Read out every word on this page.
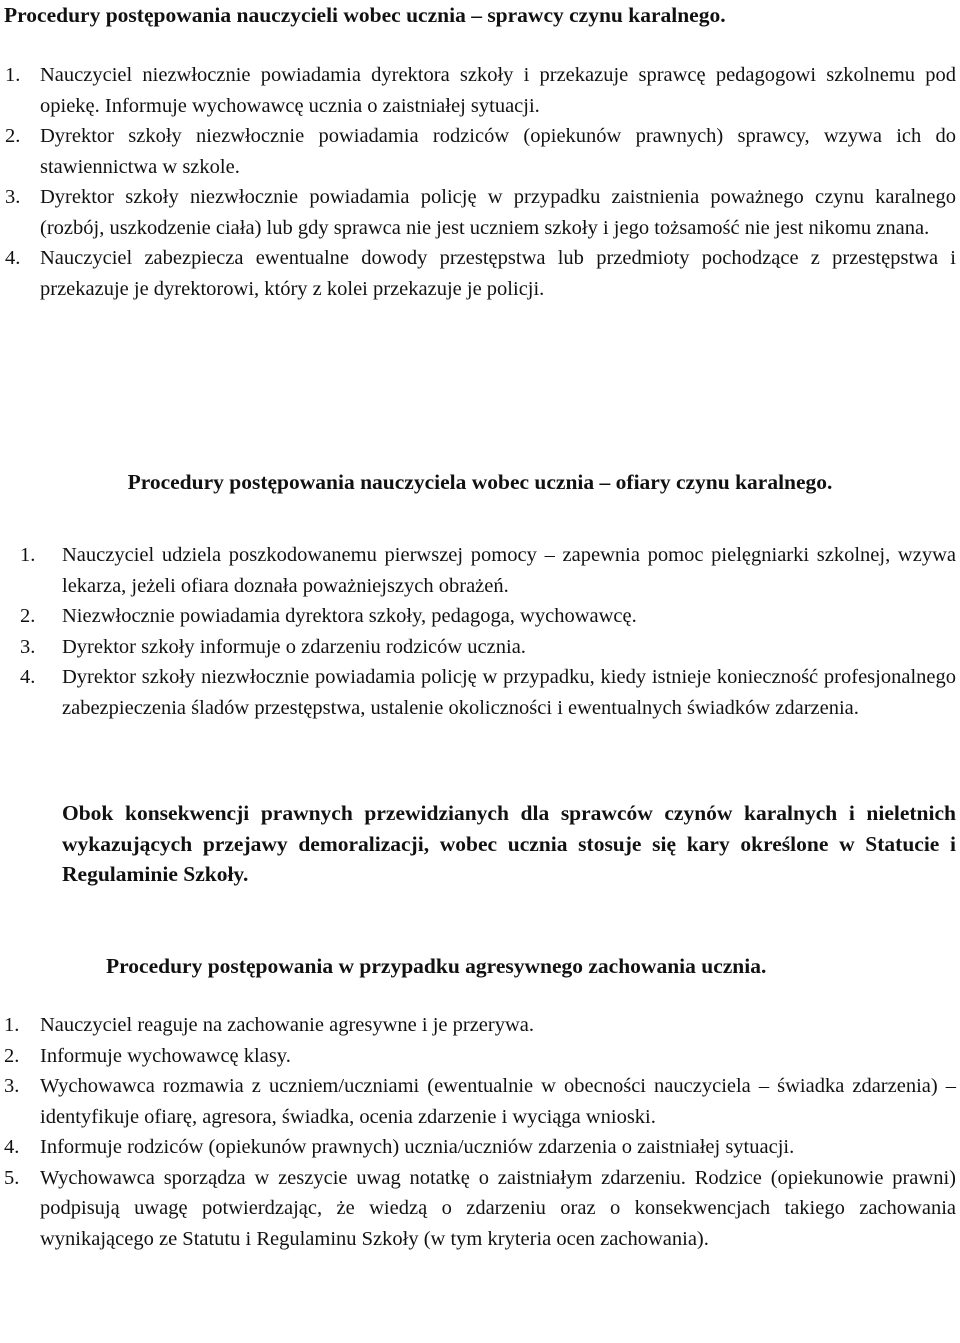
Procedury postępowania nauczycieli wobec ucznia – sprawcy czynu karalnego.
1. Nauczyciel niezwłocznie powiadamia dyrektora szkoły i przekazuje sprawcę pedagogowi szkolnemu pod opiekę. Informuje wychowawcę ucznia o zaistniałej sytuacji.
2. Dyrektor szkoły niezwłocznie powiadamia rodziców (opiekunów prawnych) sprawcy, wzywa ich do stawiennictwa w szkole.
3. Dyrektor szkoły niezwłocznie powiadamia policję w przypadku zaistnienia poważnego czynu karalnego (rozbój, uszkodzenie ciała) lub gdy sprawca nie jest uczniem szkoły i jego tożsamość nie jest nikomu znana.
4. Nauczyciel zabezpiecza ewentualne dowody przestępstwa lub przedmioty pochodzące z przestępstwa i przekazuje je dyrektorowi, który z kolei przekazuje je policji.
Procedury postępowania nauczyciela wobec ucznia – ofiary czynu karalnego.
1. Nauczyciel udziela poszkodowanemu pierwszej pomocy – zapewnia pomoc pielęgniarki szkolnej, wzywa lekarza, jeżeli ofiara doznała poważniejszych obrażeń.
2. Niezwłocznie powiadamia dyrektora szkoły, pedagoga, wychowawcę.
3. Dyrektor szkoły informuje o zdarzeniu rodziców ucznia.
4. Dyrektor szkoły niezwłocznie powiadamia policję w przypadku, kiedy istnieje konieczność profesjonalnego zabezpieczenia śladów przestępstwa, ustalenie okoliczności i ewentualnych świadków zdarzenia.

Obok konsekwencji prawnych przewidzianych dla sprawców czynów karalnych i nieletnich wykazujących przejawy demoralizacji, wobec ucznia stosuje się kary określone w Statucie i Regulaminie Szkoły.

Procedury postępowania w przypadku agresywnego zachowania ucznia.
1. Nauczyciel reaguje na zachowanie agresywne i je przerywa.
2. Informuje wychowawcę klasy.
3. Wychowawca rozmawia z uczniem/uczniami (ewentualnie w obecności nauczyciela – świadka zdarzenia) – identyfikuje ofiarę, agresora, świadka, ocenia zdarzenie i wyciąga wnioski.
4. Informuje rodziców (opiekunów prawnych) ucznia/uczniów zdarzenia o zaistniałej sytuacji.
5. Wychowawca sporządza w zeszycie uwag notatkę o zaistniałym zdarzeniu. Rodzice (opiekunowie prawni) podpisują uwagę potwierdzając, że wiedzą o zdarzeniu oraz o konsekwencjach takiego zachowania wynikającego ze Statutu i Regulaminu Szkoły (w tym kryteria ocen zachowania).
